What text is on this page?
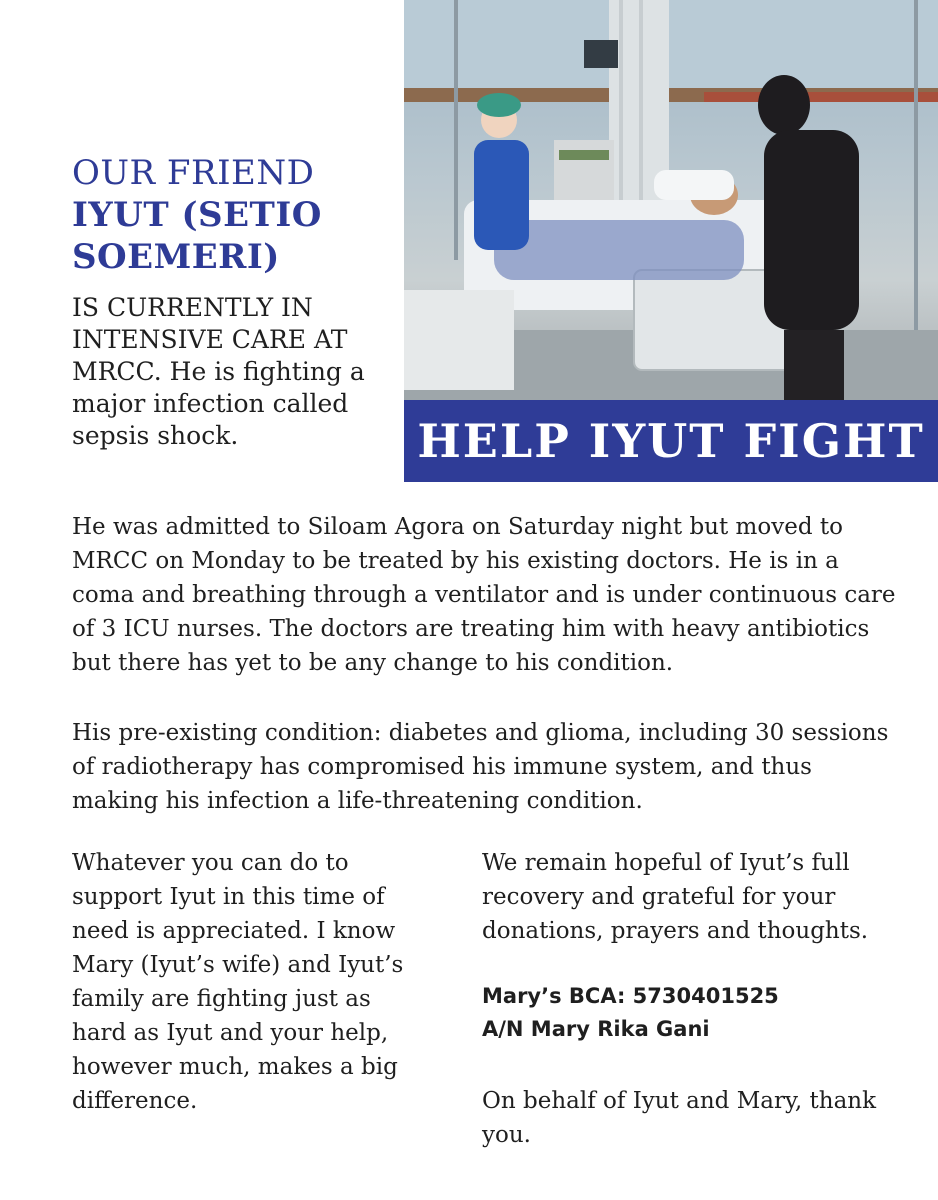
OUR FRIEND
IYUT (SETIO SOEMERI)

IS CURRENTLY IN INTENSIVE CARE AT MRCC. He is fighting a major infection called sepsis shock.	HELP IYUT FIGHT

He was admitted to Siloam Agora on Saturday night but moved to MRCC on Monday to be treated by his existing doctors. He is in a coma and breathing through a ventilator and is under continuous care of 3 ICU nurses. The doctors are treating him with heavy antibiotics but there has yet to be any change to his condition.

His pre-existing condition: diabetes and glioma, including 30 sessions of radiotherapy has compromised his immune system, and thus making his infection a life-threatening condition.

Whatever you can do to support Iyut in this time of need is appreciated. I know Mary (Iyut’s wife) and Iyut’s family are fighting just as hard as Iyut and your help, however much, makes a big difference.

We remain hopeful of Iyut’s full recovery and grateful for your donations, prayers and thoughts.

Mary’s BCA: 5730401525
A/N Mary Rika Gani

On behalf of Iyut and Mary, thank you.
